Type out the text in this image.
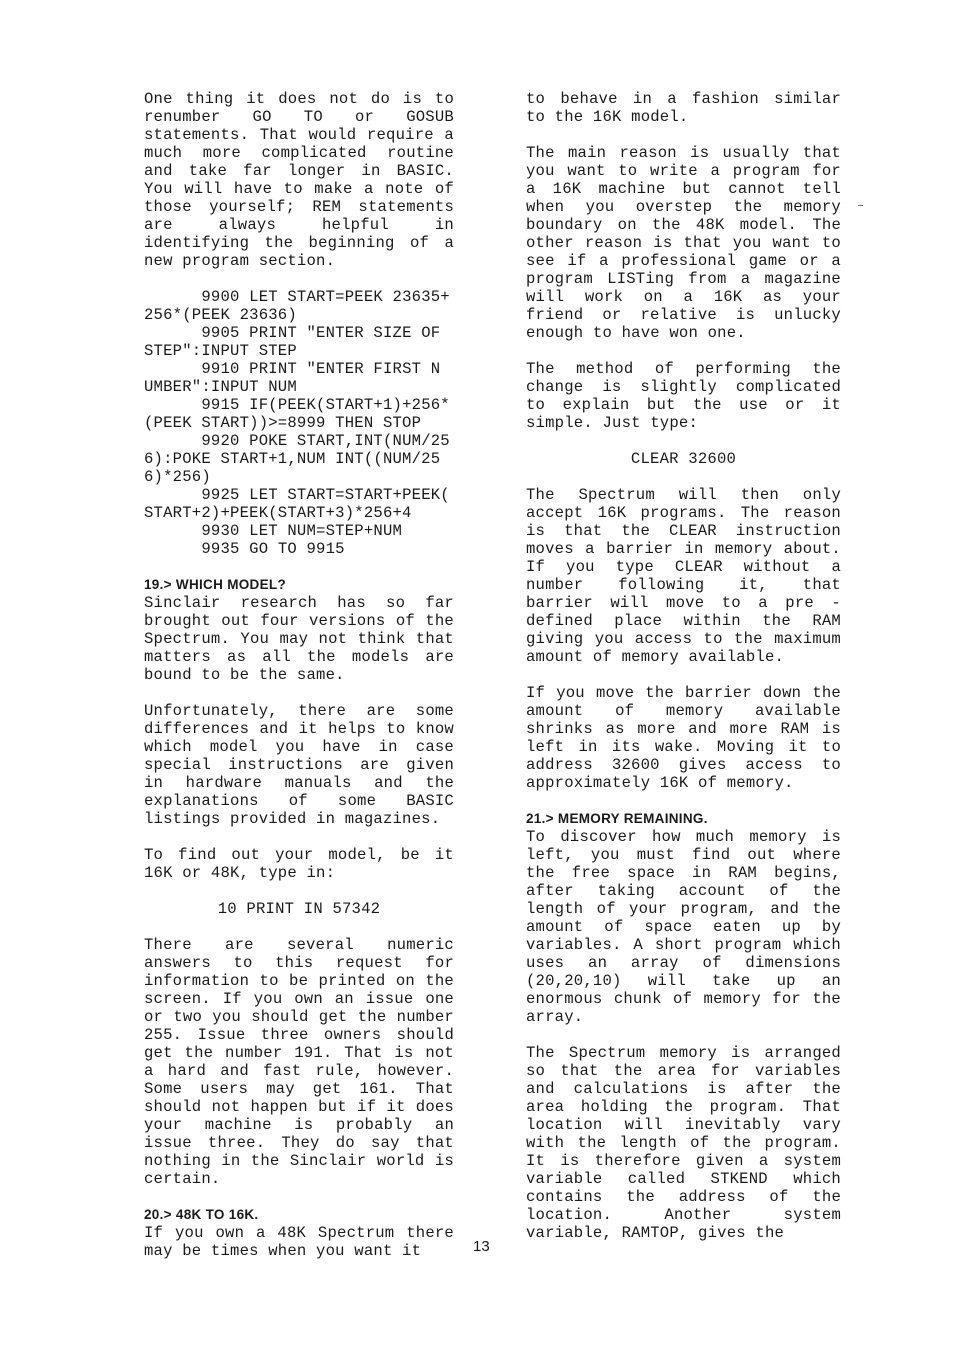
One thing it does not do is to renumber GO TO or GOSUB statements. That would require a much more complicated routine and take far longer in BASIC. You will have to make a note of those yourself; REM statements are always helpful in identifying the beginning of a new program section.

9900 LET START=PEEK 23635+
256*(PEEK 23636)
9905 PRINT "ENTER SIZE OF
STEP":INPUT STEP
9910 PRINT "ENTER FIRST N
UMBER":INPUT NUM
9915 IF(PEEK(START+1)+256*
(PEEK START))>=8999 THEN STOP
9920 POKE START,INT(NUM/25
6):POKE START+1,NUM INT((NUM/25
6)*256)
9925 LET START=START+PEEK(
START+2)+PEEK(START+3)*256+4
9930 LET NUM=STEP+NUM
9935 GO TO 9915
19.> WHICH MODEL?

Sinclair research has so far brought out four versions of the Spectrum. You may not think that matters as all the models are bound to be the same.

Unfortunately, there are some differences and it helps to know which model you have in case special instructions are given in hardware manuals and the explanations of some BASIC listings provided in magazines.

To find out your model, be it 16K or 48K, type in:

10 PRINT IN 57342

There are several numeric answers to this request for information to be printed on the screen. If you own an issue one or two you should get the number 255. Issue three owners should get the number 191. That is not a hard and fast rule, however. Some users may get 161. That should not happen but if it does your machine is probably an issue three. They do say that nothing in the Sinclair world is certain.

20.> 48K TO 16K.

If you own a 48K Spectrum there may be times when you want it	13

to behave in a fashion similar to the 16K model.

The main reason is usually that you want to write a program for a 16K machine but cannot tell when you overstep the memory boundary on the 48K model. The other reason is that you want to see if a professional game or a program LISTing from a magazine will work on a 16K as your friend or relative is unlucky enough to have won one.

The method of performing the change is slightly complicated to explain but the use or it simple. Just type:

CLEAR 32600

The Spectrum will then only accept 16K programs. The reason is that the CLEAR instruction moves a barrier in memory about. If you type CLEAR without a number following it, that barrier will move to a pre - defined place within the RAM giving you access to the maximum amount of memory available.

If you move the barrier down the amount of memory available shrinks as more and more RAM is left in its wake. Moving it to address 32600 gives access to approximately 16K of memory.

21.> MEMORY REMAINING.

To discover how much memory is left, you must find out where the free space in RAM begins, after taking account of the length of your program, and the amount of space eaten up by variables. A short program which uses an array of dimensions (20,20,10) will take up an enormous chunk of memory for the array.

The Spectrum memory is arranged so that the area for variables and calculations is after the area holding the program. That location will inevitably vary with the length of the program. It is therefore given a system variable called STKEND which contains the address of the location. Another system variable, RAMTOP, gives the
